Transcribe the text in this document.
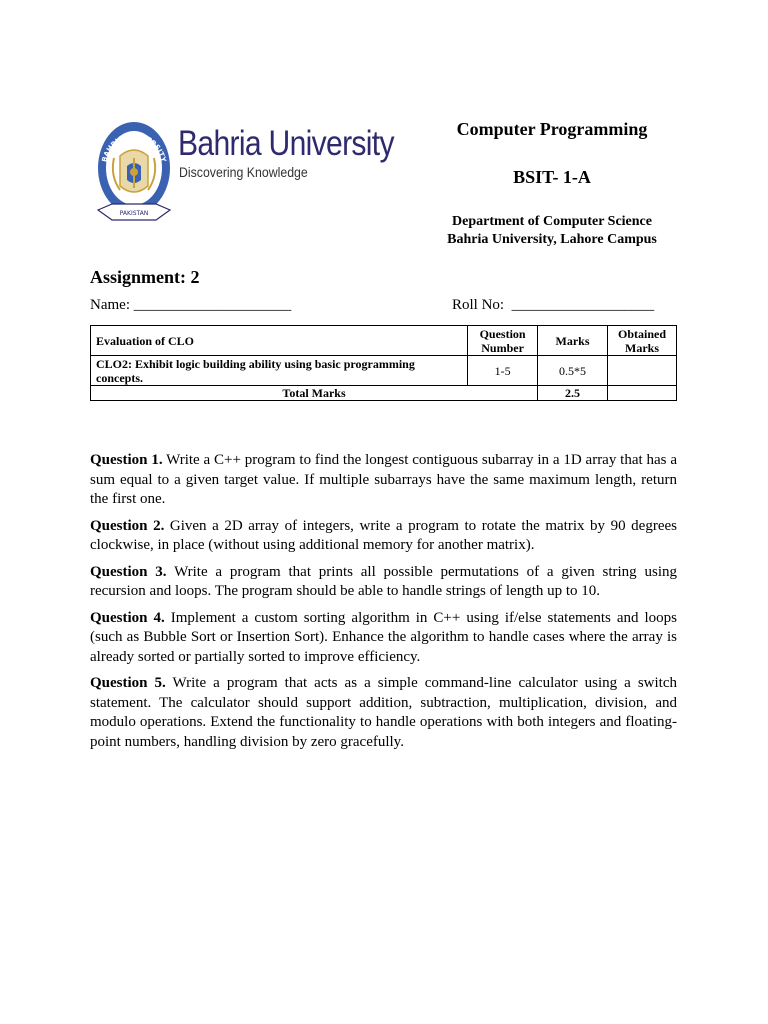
BAHRIA UNIVERSITY
PAKISTAN
Bahria University
Discovering Knowledge
Computer Programming
BSIT- 1-A
Department of Computer Science
Bahria University, Lahore Campus
Assignment: 2
Name: _____________________	Roll No:  ___________________
Evaluation of CLO	Question Number	Marks	Obtained Marks
CLO2: Exhibit logic building ability using basic programming concepts.	1-5	0.5*5	
Total Marks		2.5	

Question 1. Write a C++ program to find the longest contiguous subarray in a 1D array that has a sum equal to a given target value. If multiple subarrays have the same maximum length, return the first one.

Question 2. Given a 2D array of integers, write a program to rotate the matrix by 90 degrees clockwise, in place (without using additional memory for another matrix).

Question 3. Write a program that prints all possible permutations of a given string using recursion and loops. The program should be able to handle strings of length up to 10.

Question 4. Implement a custom sorting algorithm in C++ using if/else statements and loops (such as Bubble Sort or Insertion Sort). Enhance the algorithm to handle cases where the array is already sorted or partially sorted to improve efficiency.

Question 5. Write a program that acts as a simple command-line calculator using a switch statement. The calculator should support addition, subtraction, multiplication, division, and modulo operations. Extend the functionality to handle operations with both integers and floating-point numbers, handling division by zero gracefully.
